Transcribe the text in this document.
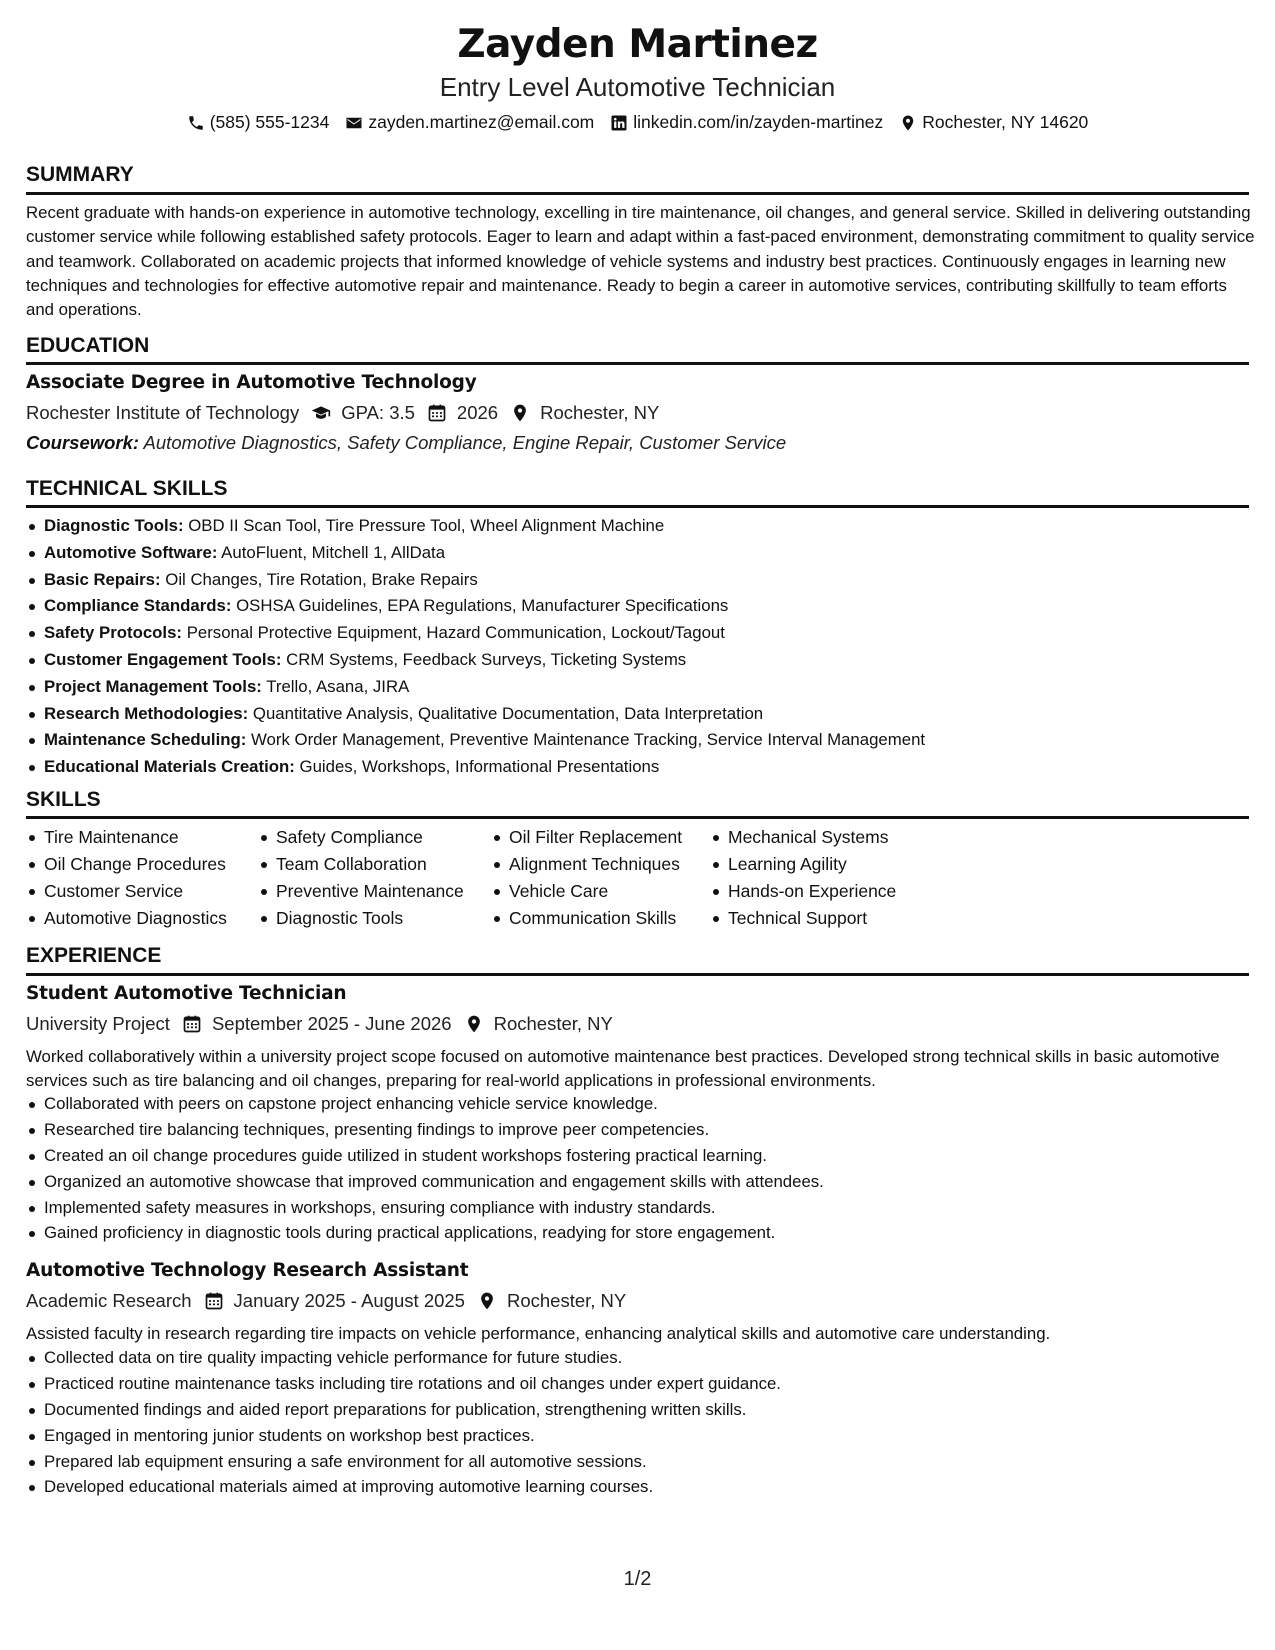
Zayden Martinez
Entry Level Automotive Technician
(585) 555-1234 zayden.martinez@email.com linkedin.com/in/zayden-martinez Rochester, NY 14620
SUMMARY
Recent graduate with hands-on experience in automotive technology, excelling in tire maintenance, oil changes, and general service. Skilled in delivering outstanding customer service while following established safety protocols. Eager to learn and adapt within a fast-paced environment, demonstrating commitment to quality service and teamwork. Collaborated on academic projects that informed knowledge of vehicle systems and industry best practices. Continuously engages in learning new techniques and technologies for effective automotive repair and maintenance. Ready to begin a career in automotive services, contributing skillfully to team efforts and operations.
EDUCATION
Associate Degree in Automotive Technology
Rochester Institute of Technology GPA: 3.5 2026 Rochester, NY
Coursework: Automotive Diagnostics, Safety Compliance, Engine Repair, Customer Service
TECHNICAL SKILLS
Diagnostic Tools: OBD II Scan Tool, Tire Pressure Tool, Wheel Alignment Machine
Automotive Software: AutoFluent, Mitchell 1, AllData
Basic Repairs: Oil Changes, Tire Rotation, Brake Repairs
Compliance Standards: OSHSA Guidelines, EPA Regulations, Manufacturer Specifications
Safety Protocols: Personal Protective Equipment, Hazard Communication, Lockout/Tagout
Customer Engagement Tools: CRM Systems, Feedback Surveys, Ticketing Systems
Project Management Tools: Trello, Asana, JIRA
Research Methodologies: Quantitative Analysis, Qualitative Documentation, Data Interpretation
Maintenance Scheduling: Work Order Management, Preventive Maintenance Tracking, Service Interval Management
Educational Materials Creation: Guides, Workshops, Informational Presentations
SKILLS
Tire Maintenance
Oil Change Procedures
Customer Service
Automotive Diagnostics
Safety Compliance
Team Collaboration
Preventive Maintenance
Diagnostic Tools
Oil Filter Replacement
Alignment Techniques
Vehicle Care
Communication Skills
Mechanical Systems
Learning Agility
Hands-on Experience
Technical Support
EXPERIENCE
Student Automotive Technician
University Project September 2025 - June 2026 Rochester, NY
Worked collaboratively within a university project scope focused on automotive maintenance best practices. Developed strong technical skills in basic automotive services such as tire balancing and oil changes, preparing for real-world applications in professional environments.
Collaborated with peers on capstone project enhancing vehicle service knowledge.
Researched tire balancing techniques, presenting findings to improve peer competencies.
Created an oil change procedures guide utilized in student workshops fostering practical learning.
Organized an automotive showcase that improved communication and engagement skills with attendees.
Implemented safety measures in workshops, ensuring compliance with industry standards.
Gained proficiency in diagnostic tools during practical applications, readying for store engagement.
Automotive Technology Research Assistant
Academic Research January 2025 - August 2025 Rochester, NY
Assisted faculty in research regarding tire impacts on vehicle performance, enhancing analytical skills and automotive care understanding.
Collected data on tire quality impacting vehicle performance for future studies.
Practiced routine maintenance tasks including tire rotations and oil changes under expert guidance.
Documented findings and aided report preparations for publication, strengthening written skills.
Engaged in mentoring junior students on workshop best practices.
Prepared lab equipment ensuring a safe environment for all automotive sessions.
Developed educational materials aimed at improving automotive learning courses.
1/2
